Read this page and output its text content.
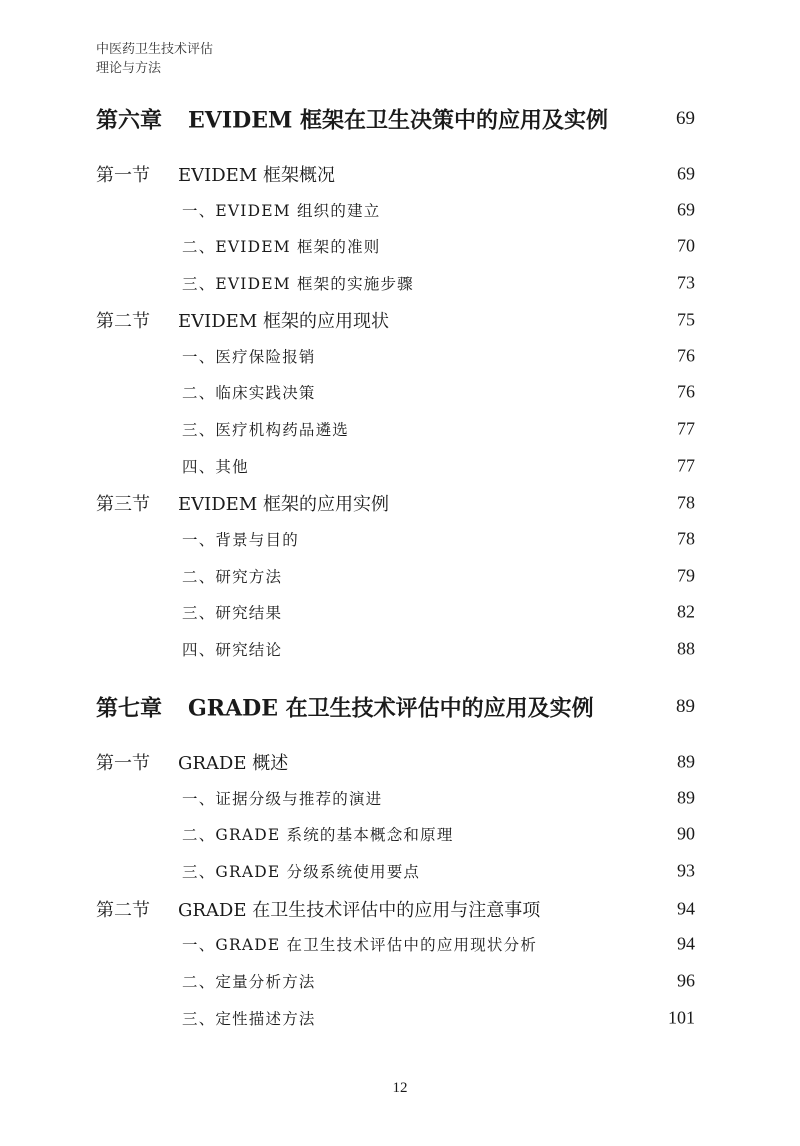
中医药卫生技术评估
理论与方法
第六章 EVIDEM 框架在卫生决策中的应用及实例	69
第一节 EVIDEM 框架概况	69
一、EVIDEM 组织的建立	69
二、EVIDEM 框架的准则	70
三、EVIDEM 框架的实施步骤	73
第二节 EVIDEM 框架的应用现状	75
一、医疗保险报销	76
二、临床实践决策	76
三、医疗机构药品遴选	77
四、其他	77
第三节 EVIDEM 框架的应用实例	78
一、背景与目的	78
二、研究方法	79
三、研究结果	82
四、研究结论	88
第七章 GRADE 在卫生技术评估中的应用及实例	89
第一节 GRADE 概述	89
一、证据分级与推荐的演进	89
二、GRADE 系统的基本概念和原理	90
三、GRADE 分级系统使用要点	93
第二节 GRADE 在卫生技术评估中的应用与注意事项	94
一、GRADE 在卫生技术评估中的应用现状分析	94
二、定量分析方法	96
三、定性描述方法	101
12
